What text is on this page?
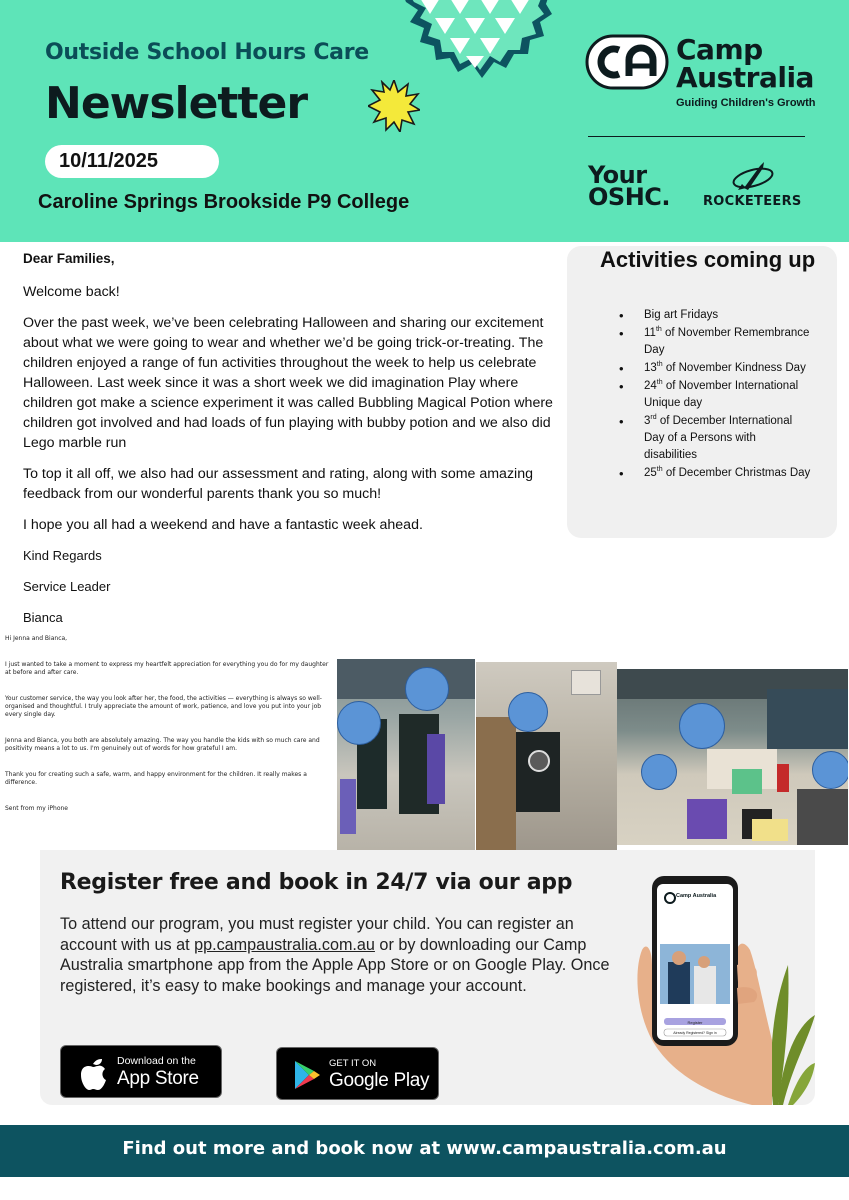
Outside School Hours Care
Newsletter
10/11/2025
Caroline Springs Brookside P9 College
Camp
Australia
Guiding Children's Growth
Your
OSHC.	ROCKETEERS

Dear Families,

Welcome back!

Over the past week, we’ve been celebrating Halloween and sharing our excitement about what we were going to wear and whether we’d be going trick-or-treating. The children enjoyed a range of fun activities throughout the week to help us celebrate Halloween. Last week since it was a short week we did imagination Play where children got make a science experiment it was called Bubbling Magical Potion where children got involved and had loads of fun playing with bubby potion and we also did Lego marble run

To top it all off, we also had our assessment and rating, along with some amazing feedback from our wonderful parents thank you so much!

I hope you all had a weekend and have a fantastic week ahead.

Kind Regards

Service Leader

Bianca

Activities coming up
• Big art Fridays
• 11th of November Remembrance Day
• 13th of November Kindness Day
• 24th of November International Unique day
• 3rd of December International Day of a Persons with disabilities
• 25th of December Christmas Day

Hi Jenna and Bianca,

I just wanted to take a moment to express my heartfelt appreciation for everything you do for my daughter at before and after care.

Your customer service, the way you look after her, the food, the activities — everything is always so well-organised and thoughtful. I truly appreciate the amount of work, patience, and love you put into your job every single day.

Jenna and Bianca, you both are absolutely amazing. The way you handle the kids with so much care and positivity means a lot to us. I'm genuinely out of words for how grateful I am.

Thank you for creating such a safe, warm, and happy environment for the children. It really makes a difference.

Sent from my iPhone

Register free and book in 24/7 via our app
To attend our program, you must register your child. You can register an account with us at pp.campaustralia.com.au or by downloading our Camp Australia smartphone app from the Apple App Store or on Google Play. Once registered, it’s easy to make bookings and manage your account.
Download on the
App Store
GET IT ON
Google Play
Camp Australia
Register
Already Registered? Sign in
Find out more and book now at www.campaustralia.com.au
